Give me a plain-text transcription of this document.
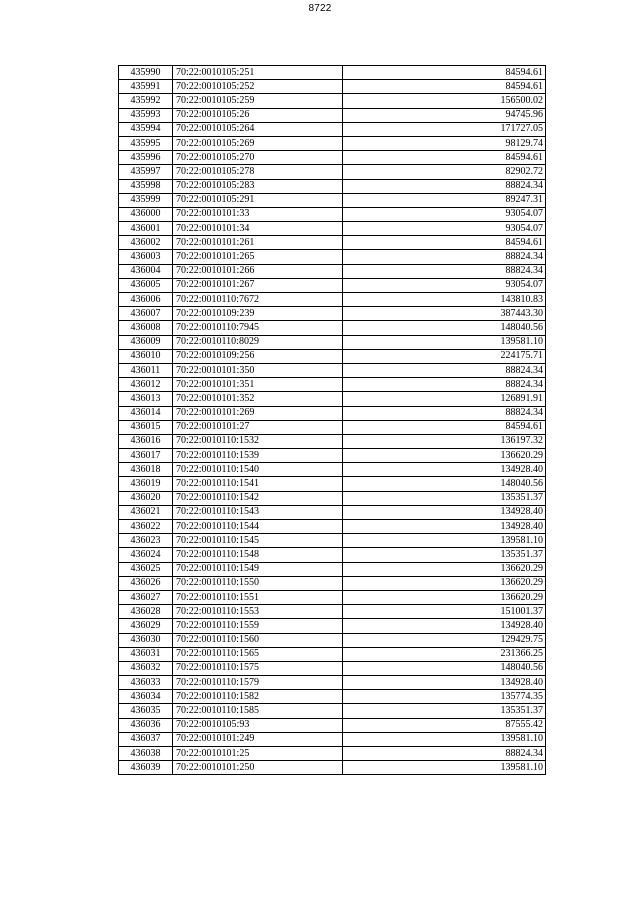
8722
435990	70:22:0010105:251	84594.61
435991	70:22:0010105:252	84594.61
435992	70:22:0010105:259	156500.02
435993	70:22:0010105:26	94745.96
435994	70:22:0010105:264	171727.05
435995	70:22:0010105:269	98129.74
435996	70:22:0010105:270	84594.61
435997	70:22:0010105:278	82902.72
435998	70:22:0010105:283	88824.34
435999	70:22:0010105:291	89247.31
436000	70:22:0010101:33	93054.07
436001	70:22:0010101:34	93054.07
436002	70:22:0010101:261	84594.61
436003	70:22:0010101:265	88824.34
436004	70:22:0010101:266	88824.34
436005	70:22:0010101:267	93054.07
436006	70:22:0010110:7672	143810.83
436007	70:22:0010109:239	387443.30
436008	70:22:0010110:7945	148040.56
436009	70:22:0010110:8029	139581.10
436010	70:22:0010109:256	224175.71
436011	70:22:0010101:350	88824.34
436012	70:22:0010101:351	88824.34
436013	70:22:0010101:352	126891.91
436014	70:22:0010101:269	88824.34
436015	70:22:0010101:27	84594.61
436016	70:22:0010110:1532	136197.32
436017	70:22:0010110:1539	136620.29
436018	70:22:0010110:1540	134928.40
436019	70:22:0010110:1541	148040.56
436020	70:22:0010110:1542	135351.37
436021	70:22:0010110:1543	134928.40
436022	70:22:0010110:1544	134928.40
436023	70:22:0010110:1545	139581.10
436024	70:22:0010110:1548	135351.37
436025	70:22:0010110:1549	136620.29
436026	70:22:0010110:1550	136620.29
436027	70:22:0010110:1551	136620.29
436028	70:22:0010110:1553	151001.37
436029	70:22:0010110:1559	134928.40
436030	70:22:0010110:1560	129429.75
436031	70:22:0010110:1565	231366.25
436032	70:22:0010110:1575	148040.56
436033	70:22:0010110:1579	134928.40
436034	70:22:0010110:1582	135774.35
436035	70:22:0010110:1585	135351.37
436036	70:22:0010105:93	87555.42
436037	70:22:0010101:249	139581.10
436038	70:22:0010101:25	88824.34
436039	70:22:0010101:250	139581.10
